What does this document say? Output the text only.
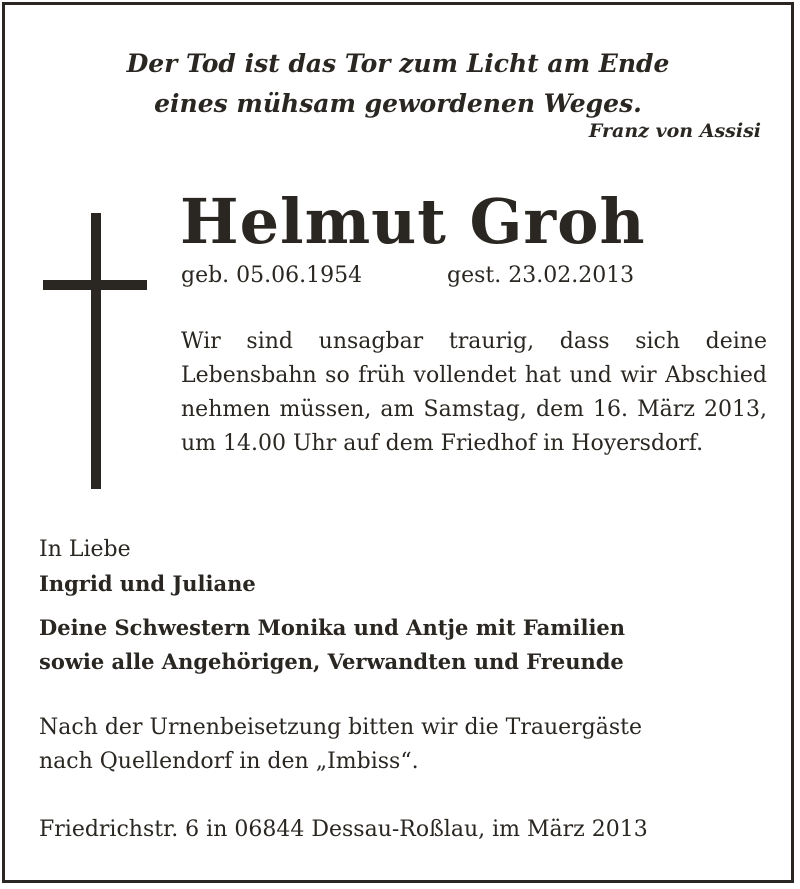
Der Tod ist das Tor zum Licht am Ende
eines mühsam gewordenen Weges.
Franz von Assisi
Helmut Groh
geb. 05.06.1954	gest. 23.02.2013

Wir sind unsagbar traurig, dass sich deine Lebensbahn so früh vollendet hat und wir Abschied nehmen müssen, am Samstag, dem 16. März 2013, um 14.00 Uhr auf dem Friedhof in Hoyersdorf.

In Liebe
Ingrid und Juliane
Deine Schwestern Monika und Antje mit Familien
sowie alle Angehörigen, Verwandten und Freunde
Nach der Urnenbeisetzung bitten wir die Trauergäste
nach Quellendorf in den „Imbiss“.
Friedrichstr. 6 in 06844 Dessau-Roßlau, im März 2013
